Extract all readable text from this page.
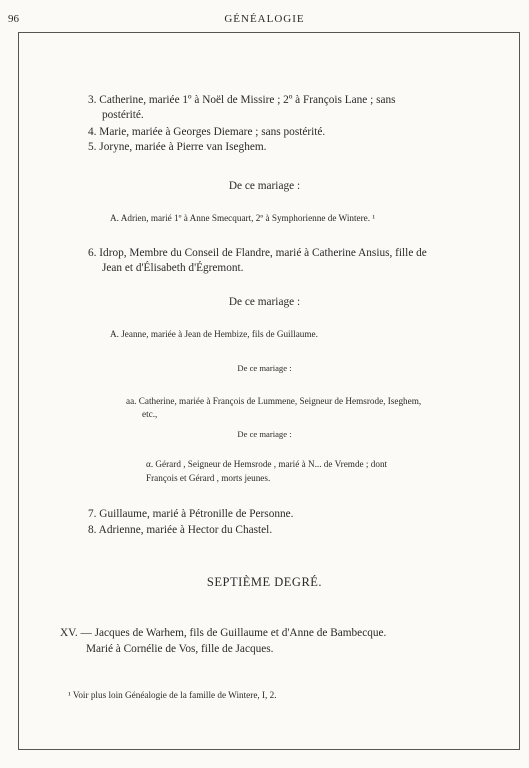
96	GÉNÉALOGIE
3. Catherine, mariée 1º à Noël de Missire ; 2º à François Lane ; sans
postérité.
4. Marie, mariée à Georges Diemare ; sans postérité.
5. Joryne, mariée à Pierre van Iseghem.
De ce mariage :
A. Adrien, marié 1º à Anne Smecquart, 2º à Symphorienne de Wintere. ¹
6. Idrop, Membre du Conseil de Flandre, marié à Catherine Ansius, fille de
Jean et d'Élisabeth d'Égremont.
De ce mariage :
A. Jeanne, mariée à Jean de Hembize, fils de Guillaume.
De ce mariage :
aa. Catherine, mariée à François de Lummene, Seigneur de Hemsrode, Iseghem,
etc.,
De ce mariage :
α. Gérard , Seigneur de Hemsrode , marié à N... de Vremde ; dont
François et Gérard , morts jeunes.
7. Guillaume, marié à Pétronille de Personne.
8. Adrienne, mariée à Hector du Chastel.
SEPTIÈME DEGRÉ.
XV. — Jacques de Warhem, fils de Guillaume et d'Anne de Bambecque.
Marié à Cornélie de Vos, fille de Jacques.
¹ Voir plus loin Généalogie de la famille de Wintere, I, 2.
